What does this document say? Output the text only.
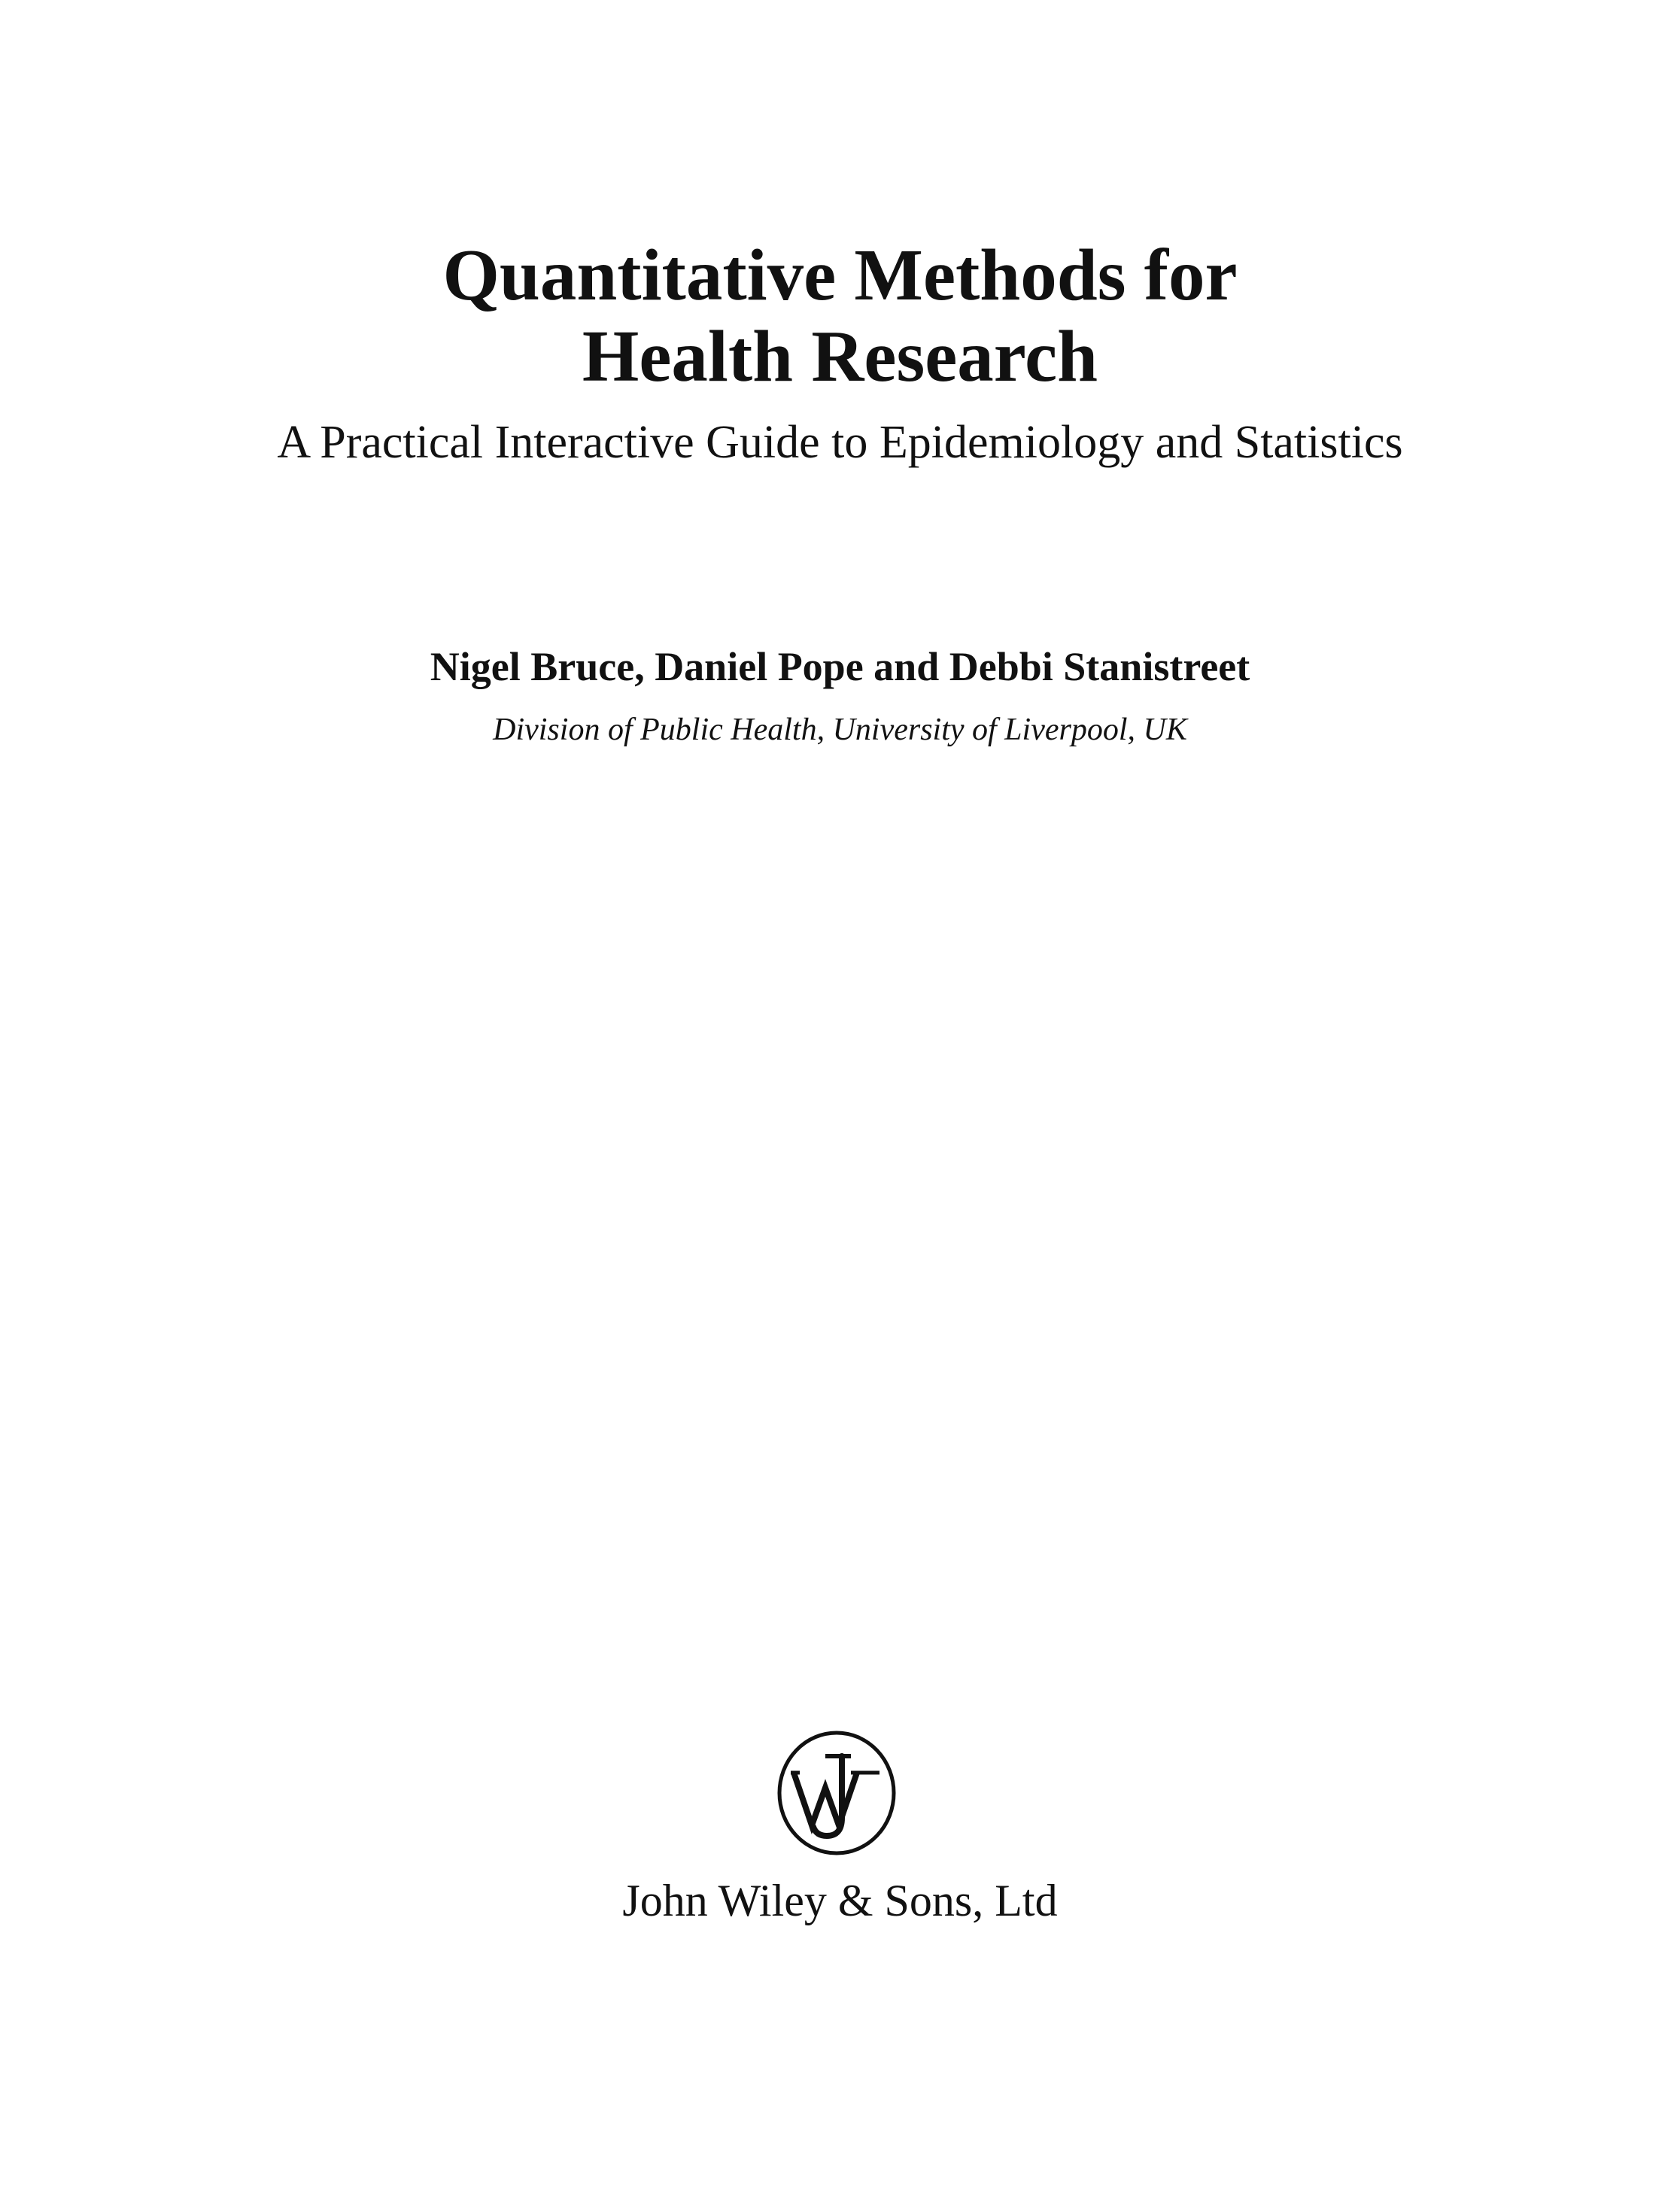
Quantitative Methods for
Health Research
A Practical Interactive Guide to Epidemiology and Statistics
Nigel Bruce, Daniel Pope and Debbi Stanistreet
Division of Public Health, University of Liverpool, UK
John Wiley & Sons, Ltd
